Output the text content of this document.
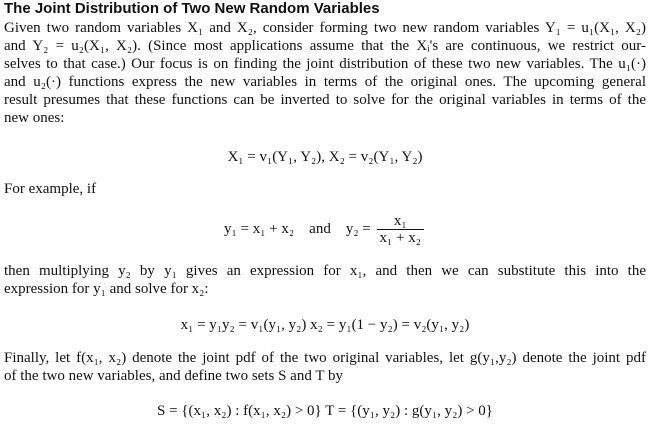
The Joint Distribution of Two New Random Variables
Given two random variables X₁ and X₂, consider forming two new random variables Y₁ = u₁(X₁, X₂)
and Y₂ = u₂(X₁, X₂). (Since most applications assume that the Xᵢ's are continuous, we restrict our-
selves to that case.) Our focus is on finding the joint distribution of these two new variables. The u₁(·)
and u₂(·) functions express the new variables in terms of the original ones. The upcoming general
result presumes that these functions can be inverted to solve for the original variables in terms of the
new ones:
X₁ = v₁(Y₁, Y₂), X₂ = v₂(Y₁, Y₂)
For example, if
y₁ = x₁ + x₂ and $y_2 = \frac{\text{x₁}}{\text{x₁ + x₂}}$
then multiplying y₂ by y₁ gives an expression for x₁, and then we can substitute this into the
expression for y₁ and solve for x₂:
x₁ = y₁y₂ = v₁(y₁, y₂) x₂ = y₁(1 − y₂) = v₂(y₁, y₂)
Finally, let f(x₁, x₂) denote the joint pdf of the two original variables, let g(y₁,y₂) denote the joint pdf
of the two new variables, and define two sets S and T by
S = {(x₁, x₂) : f(x₁, x₂) > 0} T = {(y₁, y₂) : g(y₁, y₂) > 0}
